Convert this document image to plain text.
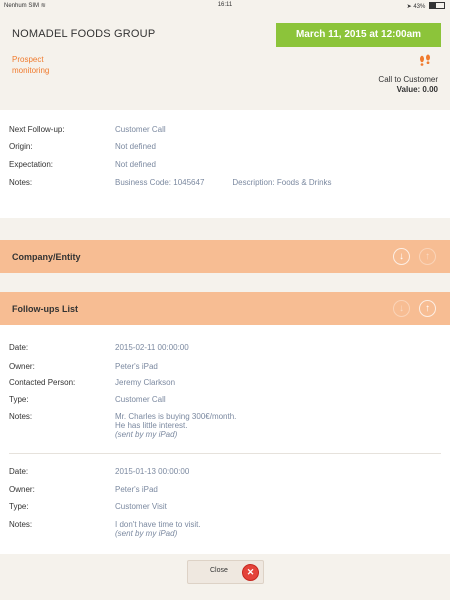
Nenhum SIM ≋	16:11	➤ 43%
NOMADEL FOODS GROUP	March 11, 2015 at 12:00am
Prospect monitoring
Call to Customer
Value: 0.00
Next Follow-up:	Customer Call
Origin:	Not defined
Expectation:	Not defined
Notes:	Business Code: 1045647	Description: Foods & Drinks
Company/Entity	↓	↑
Follow-ups List	↓	↑
Date:	2015-02-11 00:00:00
Owner:	Peter's iPad
Contacted Person:	Jeremy Clarkson
Type:	Customer Call
Notes:	Mr. Charles is buying 300€/month.
He has little interest.
(sent by my iPad)
Date:	2015-01-13 00:00:00
Owner:	Peter's iPad
Type:	Customer Visit
Notes:	I don't have time to visit.
(sent by my iPad)
Close	✕
